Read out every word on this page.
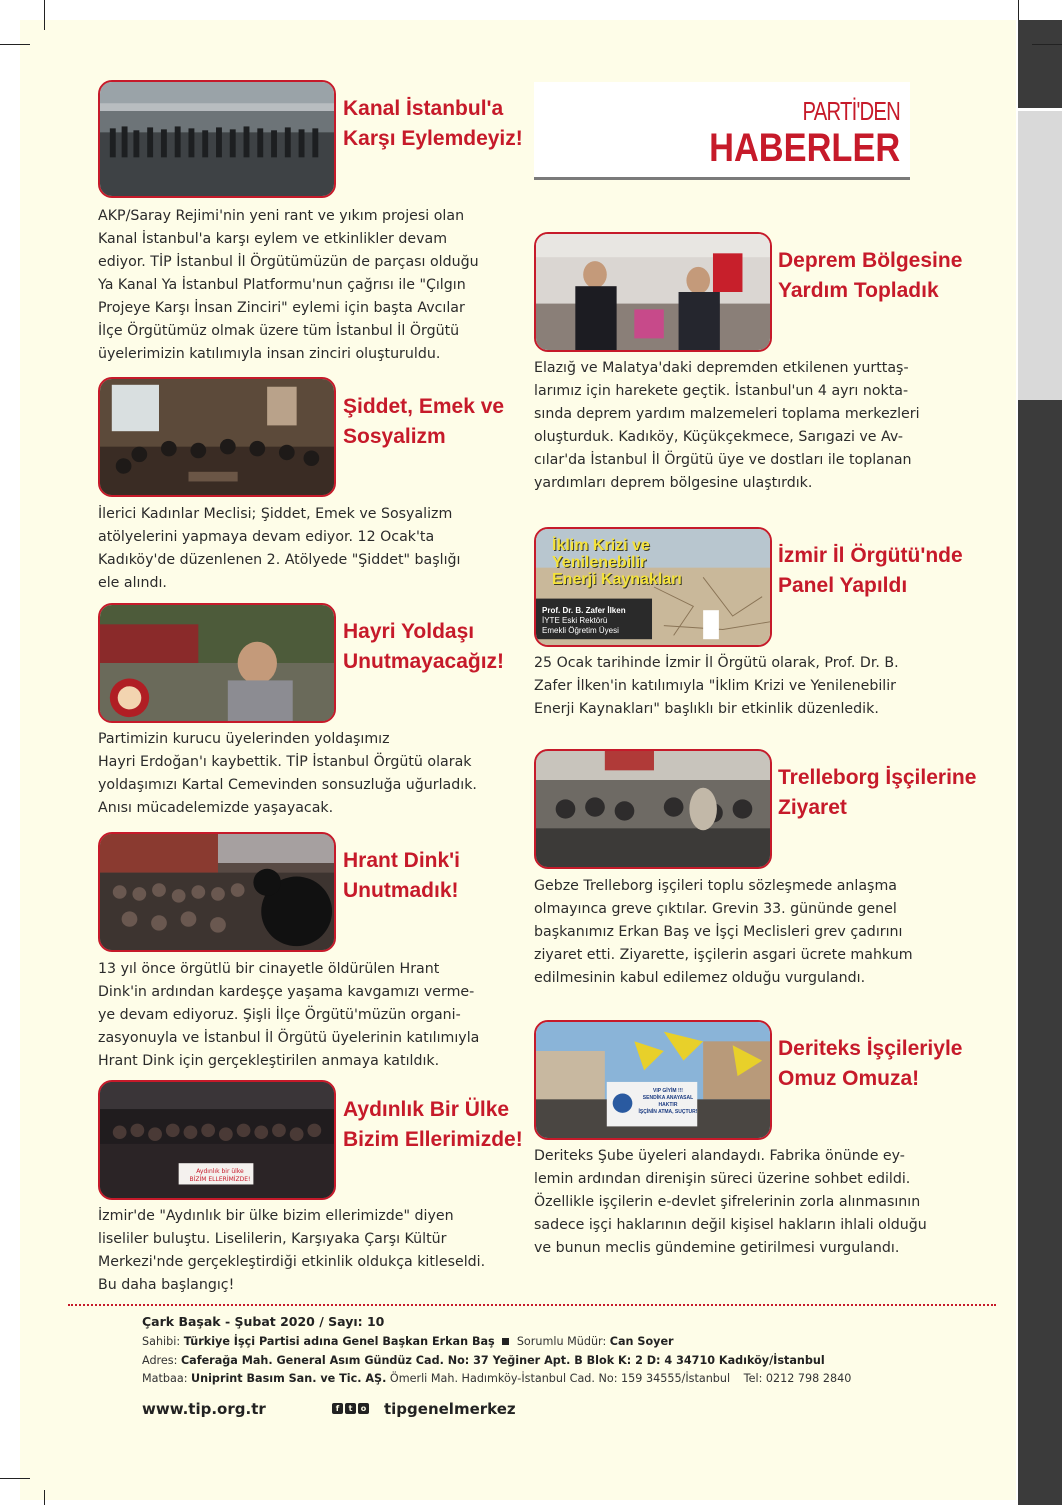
PARTİ'DEN
HABERLER
Kanal İstanbul'a
Karşı Eylemdeyiz!
AKP/Saray Rejimi'nin yeni rant ve yıkım projesi olan
Kanal İstanbul'a karşı eylem ve etkinlikler devam
ediyor. TİP İstanbul İl Örgütümüzün de parçası olduğu
Ya Kanal Ya İstanbul Platformu'nun çağrısı ile "Çılgın
Projeye Karşı İnsan Zinciri" eylemi için başta Avcılar
İlçe Örgütümüz olmak üzere tüm İstanbul İl Örgütü
üyelerimizin katılımıyla insan zinciri oluşturuldu.
Şiddet, Emek ve
Sosyalizm
İlerici Kadınlar Meclisi; Şiddet, Emek ve Sosyalizm
atölyelerini yapmaya devam ediyor. 12 Ocak'ta
Kadıköy'de düzenlenen 2. Atölyede "Şiddet" başlığı
ele alındı.
Hayri Yoldaşı
Unutmayacağız!
Partimizin kurucu üyelerinden yoldaşımız
Hayri Erdoğan'ı kaybettik. TİP İstanbul Örgütü olarak
yoldaşımızı Kartal Cemevinden sonsuzluğa uğurladık.
Anısı mücadelemizde yaşayacak.
Hrant Dink'i
Unutmadık!
13 yıl önce örgütlü bir cinayetle öldürülen Hrant
Dink'in ardından kardeşçe yaşama kavgamızı verme-
ye devam ediyoruz. Şişli İlçe Örgütü'müzün organi-
zasyonuyla ve İstanbul İl Örgütü üyelerinin katılımıyla
Hrant Dink için gerçekleştirilen anmaya katıldık.
Aydınlık bir ülke
BİZİM ELLERİMİZDE!
Aydınlık Bir Ülke
Bizim Ellerimizde!
İzmir'de "Aydınlık bir ülke bizim ellerimizde" diyen
liseliler buluştu. Liselilerin, Karşıyaka Çarşı Kültür
Merkezi'nde gerçekleştirdiği etkinlik oldukça kitleseldi.
Bu daha başlangıç!
Deprem Bölgesine
Yardım Topladık
Elazığ ve Malatya'daki depremden etkilenen yurttaş-
larımız için harekete geçtik. İstanbul'un 4 ayrı nokta-
sında deprem yardım malzemeleri toplama merkezleri
oluşturduk. Kadıköy, Küçükçekmece, Sarıgazi ve Av-
cılar'da İstanbul İl Örgütü üye ve dostları ile toplanan
yardımları deprem bölgesine ulaştırdık.
İklim Krizi ve
Yenilenebilir
Enerji Kaynakları
Prof. Dr. B. Zafer İlken
İYTE Eski Rektörü
Emekli Öğretim Üyesi
İzmir İl Örgütü'nde
Panel Yapıldı
25 Ocak tarihinde İzmir İl Örgütü olarak, Prof. Dr. B.
Zafer İlken'in katılımıyla "İklim Krizi ve Yenilenebilir
Enerji Kaynakları" başlıklı bir etkinlik düzenledik.
Trelleborg İşçilerine
Ziyaret
Gebze Trelleborg işçileri toplu sözleşmede anlaşma
olmayınca greve çıktılar. Grevin 33. gününde genel
başkanımız Erkan Baş ve İşçi Meclisleri grev çadırını
ziyaret etti. Ziyarette, işçilerin asgari ücrete mahkum
edilmesinin kabul edilemez olduğu vurgulandı.
VIP GİYİM !!!
SENDİKA ANAYASAL HAKTIR
İŞÇİNİN ATMA, SUÇTUR!
Deriteks İşçileriyle
Omuz Omuza!
Deriteks Şube üyeleri alandaydı. Fabrika önünde ey-
lemin ardından direnişin süreci üzerine sohbet edildi.
Özellikle işçilerin e-devlet şifrelerinin zorla alınmasının
sadece işçi haklarının değil kişisel hakların ihlali olduğu
ve bunun meclis gündemine getirilmesi vurgulandı.
Çark Başak - Şubat 2020 / Sayı: 10
Sahibi: Türkiye İşçi Partisi adına Genel Başkan Erkan Baş Sorumlu Müdür: Can Soyer
Adres: Caferağa Mah. General Asım Gündüz Cad. No: 37 Yeğiner Apt. B Blok K: 2 D: 4 34710 Kadıköy/İstanbul
Matbaa: Uniprint Basım San. ve Tic. AŞ. Ömerli Mah. Hadımköy-İstanbul Cad. No: 159 34555/İstanbul Tel: 0212 798 2840
www.tip.org.tr	f	t	o tipgenelmerkez
